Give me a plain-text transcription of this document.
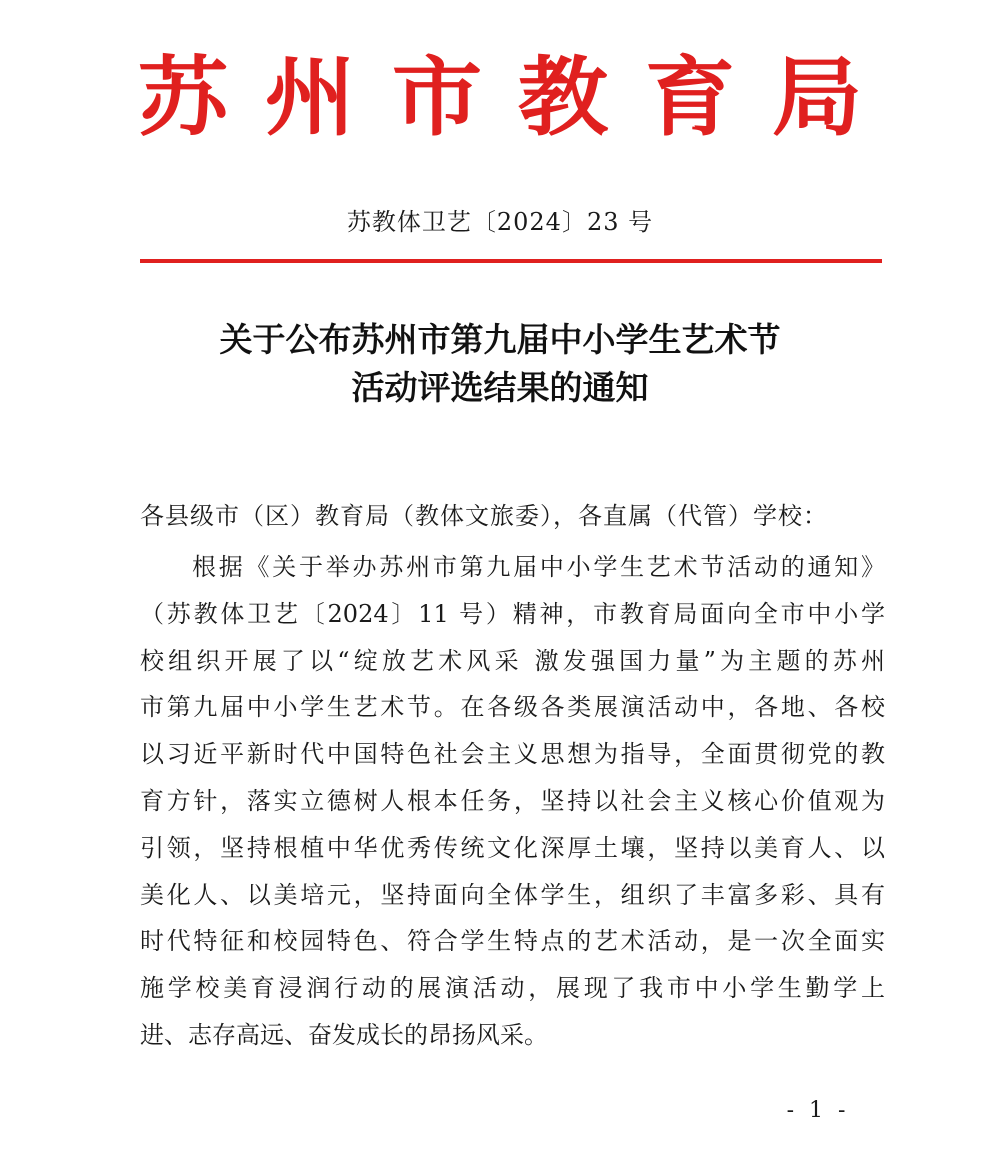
苏 州 市 教 育 局
苏教体卫艺〔2024〕23 号
关于公布苏州市第九届中小学生艺术节
活动评选结果的通知
各县级市（区）教育局（教体文旅委），各直属（代管）学校：
根据《关于举办苏州市第九届中小学生艺术节活动的通知》
（苏教体卫艺〔2024〕11 号）精神，市教育局面向全市中小学
校组织开展了以“绽放艺术风采 激发强国力量”为主题的苏州
市第九届中小学生艺术节。在各级各类展演活动中，各地、各校
以习近平新时代中国特色社会主义思想为指导，全面贯彻党的教
育方针，落实立德树人根本任务，坚持以社会主义核心价值观为
引领，坚持根植中华优秀传统文化深厚土壤，坚持以美育人、以
美化人、以美培元，坚持面向全体学生，组织了丰富多彩、具有
时代特征和校园特色、符合学生特点的艺术活动，是一次全面实
施学校美育浸润行动的展演活动，展现了我市中小学生勤学上
进、志存高远、奋发成长的昂扬风采。
- 1 -
